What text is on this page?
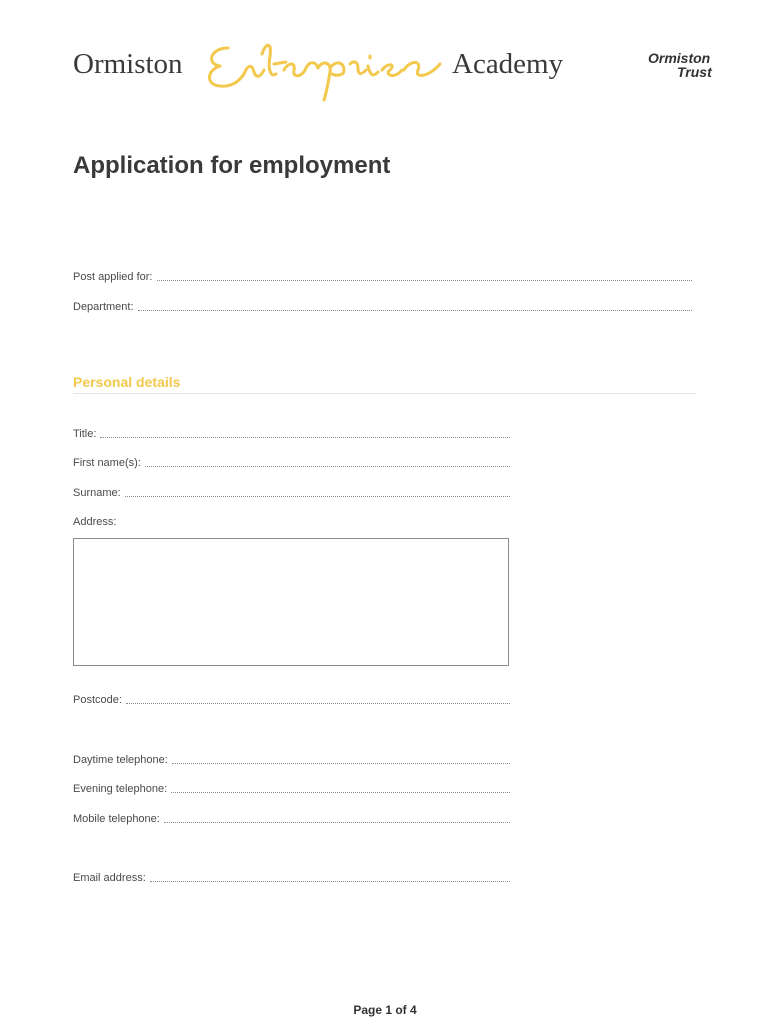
Ormiston	Academy	Ormiston
Trust
Application for employment
Post applied for:
Department:
Personal details
Title:
First name(s):
Surname:
Address:
Postcode:
Daytime telephone:
Evening telephone:
Mobile telephone:
Email address:
Page 1 of 4
